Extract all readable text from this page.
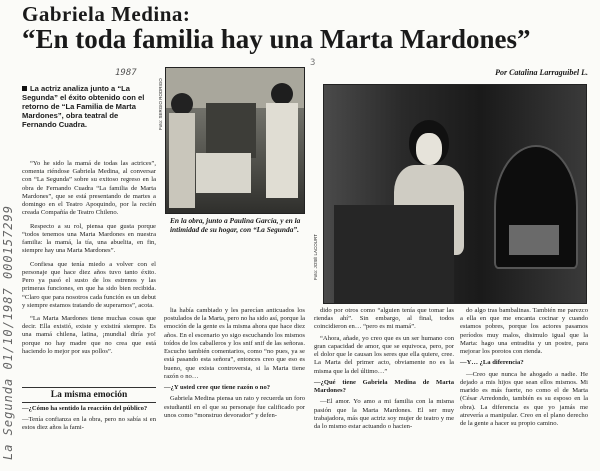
Gabriela Medina:
“En toda familia hay una Marta Mardones”
Por Catalina Larraguibel L.
La Segunda 01/10/1987 000157299
1987
3
La actriz analiza junto a “La Segunda” el éxito obtenido con el retorno de “La Familia de Marta Mardones”, obra teatral de Fernando Cuadra.

“Yo he sido la mamá de todas las actrices”, comenta riéndose Gabriela Medina, al conversar con “La Segunda” sobre su exitoso regreso en la obra de Fernando Cuadra “La familia de Marta Mardones”, que se está presentando de martes a domingo en el Teatro Apoquindo, por la recién creada Compañía de Teatro Chileno.

Respecto a su rol, piensa que gusta porque “todos tenemos una Marta Mardones en nuestra familia: la mamá, la tía, una abuelita, en fin, siempre hay una Marta Mardones”.

Confiesa que tenía miedo a volver con el personaje que hace diez años tuvo tanto éxito. Pero ya pasó el susto de los estrenos y las primeras funciones, en que ha sido bien recibida. “Claro que para nosotros cada función es un debut y siempre estamos tratando de superarnos”, acota.

“La Marta Mardones tiene muchas cosas que decir. Ella existió, existe y existirá siempre. Es una mamá chilena, latina, ¡mundial diría yo! porque no hay madre que no crea que está haciendo lo mejor por sus pollos”.

La misma emoción

—¿Cómo ha sentido la reacción del público?

—Tenía confianza en la obra, pero no sabía si en estos diez años la fami-

Foto: SERGIO RODRIGO
En la obra, junto a Paulina García, y en la intimidad de su hogar, con “La Segunda”.
Foto: JOSÉ LACOURT

lia había cambiado y les parecían anticuados los postulados de la Marta, pero no ha sido así, porque la emoción de la gente es la misma ahora que hace diez años. En el escenario yo sigo escuchando los mismos toídos de los caballeros y los snif snif de las señoras. Escucho también comentarios, como “no pues, ya se está pasando esta señora”, entonces creo que eso es bueno, que exista controversia, si la Marta tiene razón o no…

—¿Y usted cree que tiene razón o no?

Gabriela Medina piensa un rato y recuerda un foro estudiantil en el que su personaje fue calificado por unos como “monstruo devorador” y defen-

dido por otros como “alguien tenía que tomar las riendas ahí”. Sin embargo, al final, todos coincidieron en… “pero es mi mamá”.

“Ahora, añade, yo creo que es un ser humano con gran capacidad de amor, que se equivoca, pero, por el dolor que le causan los seres que ella quiere, cree. La Marta del primer acto, obviamente no es la misma que la del último…”

—¿Qué tiene Gabriela Medina de Marta Mardones?

—El amor. Yo amo a mi familia con la misma pasión que la Marta Mardones. El ser muy trabajadora, más que actriz soy mujer de teatro y me da lo mismo estar actuando o hacien-

do algo tras bambalinas. También me parezco a ella en que me encanta cocinar y cuando estamos pobres, porque los actores pasamos períodos muy malos, disimulo igual que la Marta: hago una entradita y un postre, para mejorar los porotos con rienda.

—Y… ¿La diferencia?

—Creo que nunca he ahogado a nadie. He dejado a mis hijos que sean ellos mismos. Mi marido es más fuerte, no como el de Marta (César Arredondo, también es su esposo en la obra). La diferencia es que yo jamás me atrevería a manipular. Creo en el plano derecho de la gente a hacer su propio camino.
